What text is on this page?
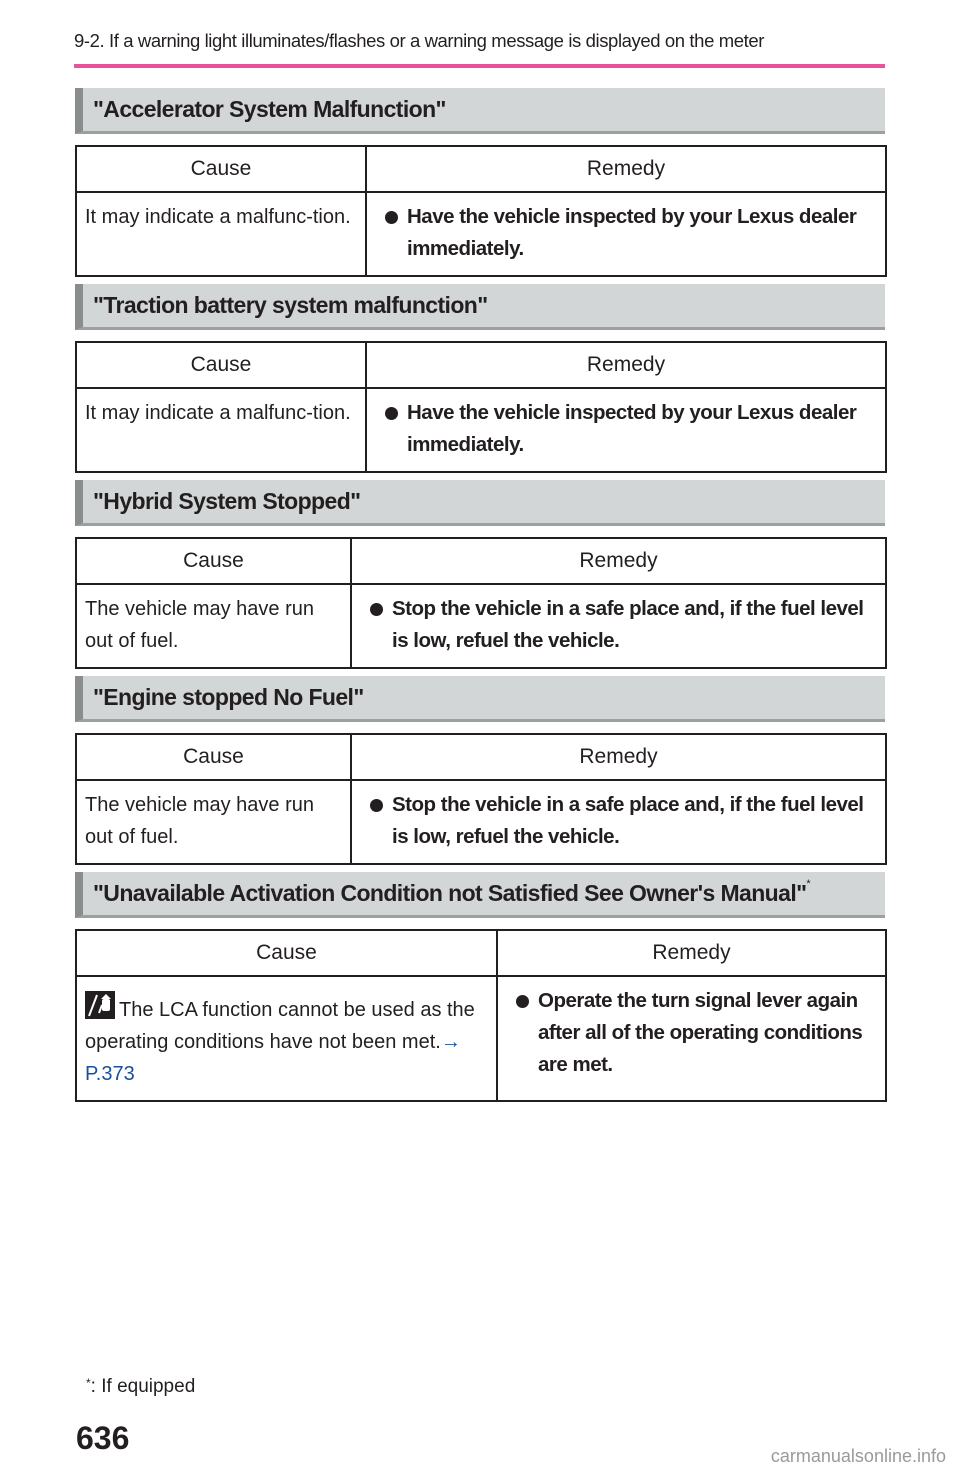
9-2. If a warning light illuminates/flashes or a warning message is displayed on the meter
"Accelerator System Malfunction"
Cause	Remedy
It may indicate a malfunc-tion.	Have the vehicle inspected by your Lexus dealer immediately.
"Traction battery system malfunction"
Cause	Remedy
It may indicate a malfunc-tion.	Have the vehicle inspected by your Lexus dealer immediately.
"Hybrid System Stopped"
Cause	Remedy
The vehicle may have run out of fuel.	Stop the vehicle in a safe place and, if the fuel level is low, refuel the vehicle.
"Engine stopped No Fuel"
Cause	Remedy
The vehicle may have run out of fuel.	Stop the vehicle in a safe place and, if the fuel level is low, refuel the vehicle.
"Unavailable Activation Condition not Satisfied See Owner's Manual"*
Cause	Remedy

The LCA function cannot be used as the operating conditions have not been met.→ P.373	Operate the turn signal lever again after all of the operating conditions are met.
*: If equipped
636	carmanualsonline.info
